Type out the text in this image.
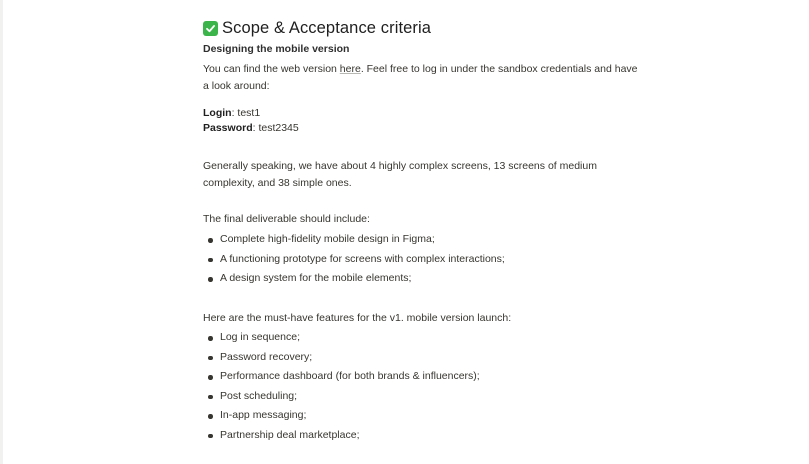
Scope & Acceptance criteria
Designing the mobile version
You can find the web version here. Feel free to log in under the sandbox credentials and have a look around:
Login: test1
Password: test2345
Generally speaking, we have about 4 highly complex screens, 13 screens of medium complexity, and 38 simple ones.
The final deliverable should include:
Complete high-fidelity mobile design in Figma;
A functioning prototype for screens with complex interactions;
A design system for the mobile elements;
Here are the must-have features for the v1. mobile version launch:
Log in sequence;
Password recovery;
Performance dashboard (for both brands & influencers);
Post scheduling;
In-app messaging;
Partnership deal marketplace;
